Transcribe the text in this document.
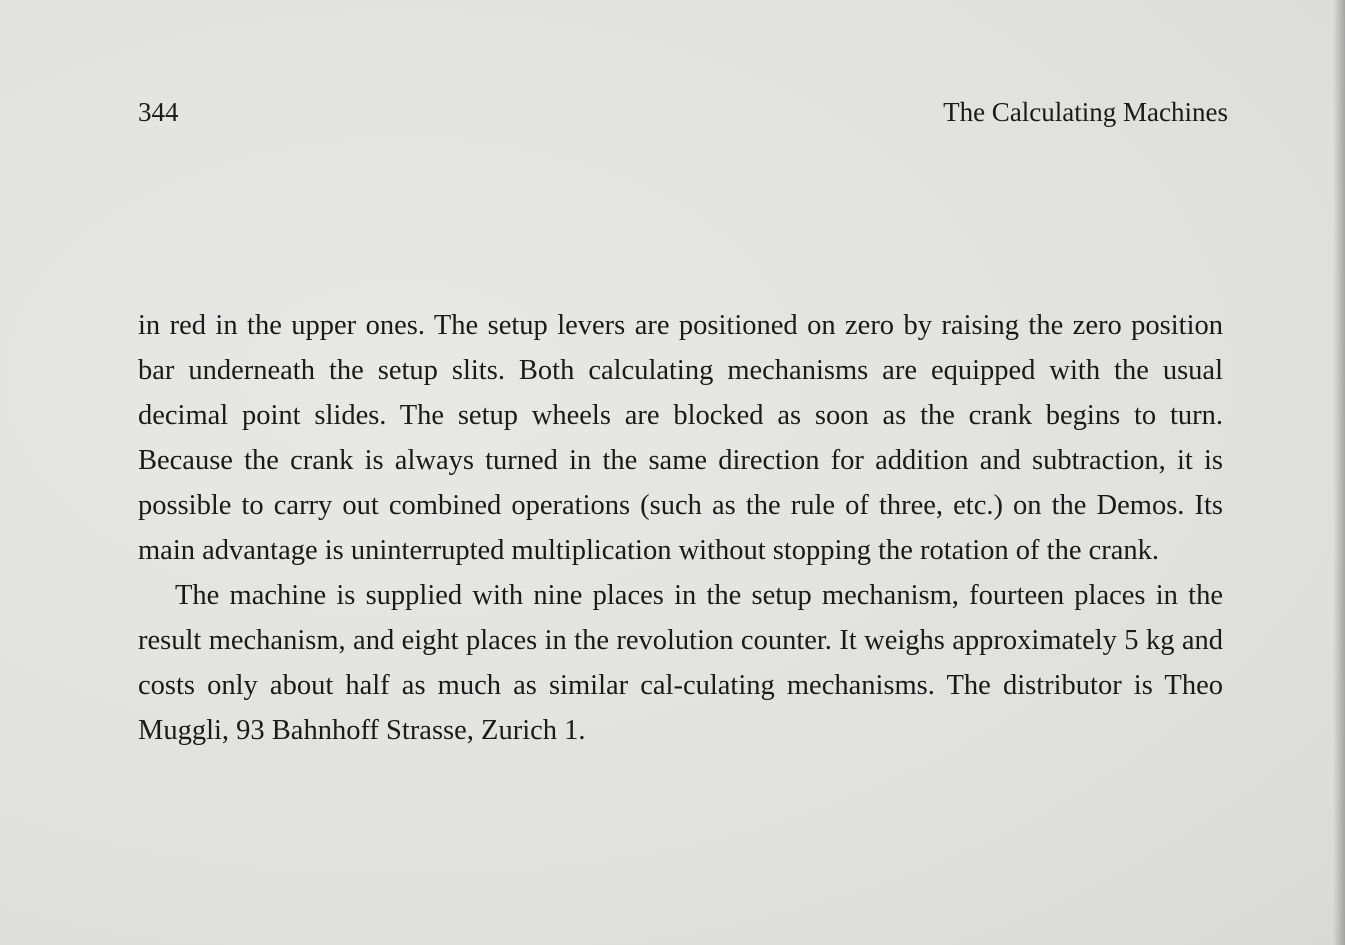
344	The Calculating Machines

in red in the upper ones. The setup levers are positioned on zero by raising the zero position bar underneath the setup slits. Both calculating mechanisms are equipped with the usual decimal point slides. The setup wheels are blocked as soon as the crank begins to turn. Because the crank is always turned in the same direction for addition and subtraction, it is possible to carry out combined operations (such as the rule of three, etc.) on the Demos. Its main advantage is uninterrupted multiplication without stopping the rotation of the crank.

The machine is supplied with nine places in the setup mechanism, fourteen places in the result mechanism, and eight places in the revolution counter. It weighs approximately 5 kg and costs only about half as much as similar cal-culating mechanisms. The distributor is Theo Muggli, 93 Bahnhoff Strasse, Zurich 1.
